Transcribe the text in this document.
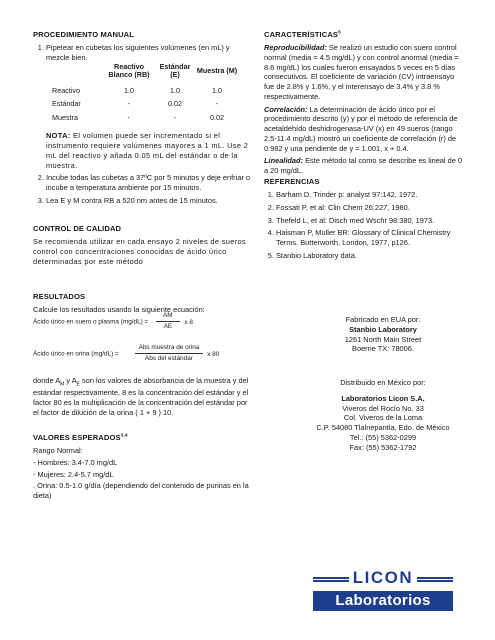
PROCEDIMIENTO MANUAL
1. Pipetear en cubetas los siguientes volúmenes (en mL) y mezcle bien.
	Reactivo Blanco (RB)	Estándar (E)	Muestra (M)
Reactivo	1.0	1.0	1.0
Estándar	-	0.02	-
Muestra	-	-	0.02

NOTA: El volumen puede ser incrementado si el instrumento requiere volúmenes mayores a 1 mL. Use 2 mL del reactivo y añada 0.05 mL del estándar o de la muestra.

2. Incube todas las cubetas a 37ºC por 5 minutos y deje enfriar o incube a temperatura ambiente por 15 minutos.
3. Lea E y M contra RB a 520 nm antes de 15 minutos.
CONTROL DE CALIDAD

Se recomienda utilizar en cada ensayo 2 niveles de sueros control con concentraciones conocidas de ácido úrico determinadas por este método

RESULTADOS

Calcule los resultados usando la siguiente ecuación:

Ácido úrico en suero o plasma $(mg/dL) = \frac{AM}{AE}$ x 8
Ácido úrico en orina $(mg/dL) = \frac{\text{Abs muestra de orina}}{\text{Abs del estándar}}$ x 80

donde $A_M$ y $A_E$ son los valores de absorbancia de la muestra y del estándar respectivamente, 8 es la concentración del estándar y el factor 80 es la multiplicación de la concentración del estándar por el factor de dilución de la orina ( 1 + 9 ) 10.

VALORES ESPERADOS$^{3,4}$

Rango Normal:

- Hombres: 3.4-7.0 mg/dL

- Mujeres: 2.4-5.7 mg/dL

. Orina: 0.5-1.0 g/día (dependiendo del contenido de purinas en la dieta)

CARACTERÍSTICAS$^5$

Reproducibilidad: Se realizó un estudio con suero control normal (media = 4.5 mg/dL) y con control anormal (media = 8.6 mg/dL) los cuales fueron ensayados 5 veces en 5 días consecutivos. El coeficiente de variación (CV) intraensayo fue de 2.8% y 1.6%, y el interensayo de 3.4% y 3.8 % respectivamente.

Correlación: La determinación de ácido úrico por el procedimiento descrito (y) y por el método de referencia de acetaldehído deshidrogenasa-UV (x) en 49 sueros (rango 2.5-11.4 mg/dL) mostró un coeficiente de correlación (r) de 0.982 y una pendiente de y = 1.001, x + 0.4.

Linealidad: Este método tal como se describe es lineal de 0 a 20 mg/dL.

REFERENCIAS
1. Barham D. Trinder p: analyst 97:142, 1972.
2. Fossati P, et al: Clin Chem 26:227, 1980.
3. Thefeld L, et al: Disch med Wschr 98:380, 1973.
4. Haisman P, Muller BR: Glossary of Clinical Chemistry Terms. Butterworth, London, 1977, p126.
5. Stanbio Laboratory data.

Fabricado en EUA por:

Stanbio Laboratory

1261 North Main Street

Boerne TX: 78006.

Distribuido en México por:

Laboratorios Licon S.A.

Viveros del Rocío No. 33

Col. Viveros de la Loma

C.P. 54080 Tlalnepantla, Edo. de México

Tel.: (55) 5362-0299

Fax: (55) 5362-1792

LICON
Laboratorios
